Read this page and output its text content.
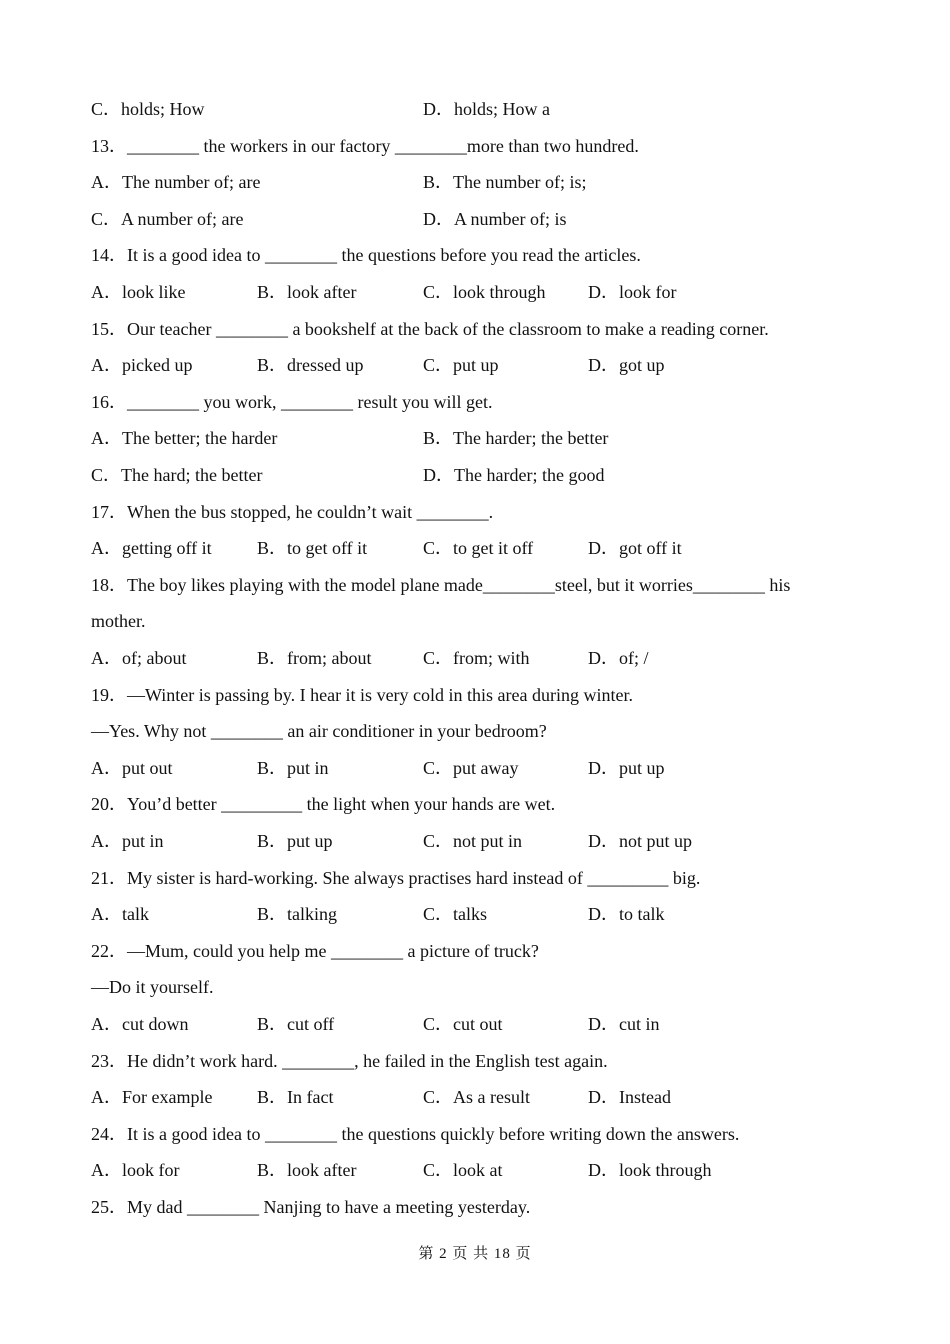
C．holds; How	D．holds; How a
13．________ the workers in our factory ________more than two hundred.
A．The number of; are	B．The number of; is;
C．A number of; are	D．A number of; is
14．It is a good idea to ________ the questions before you read the articles.
A．look like	B．look after	C．look through D．look for
15．Our teacher ________ a bookshelf at the back of the classroom to make a reading corner.
A．picked up	B．dressed up	C．put up	D．got up
16．________ you work, ________ result you will get.
A．The better; the harder	B．The harder; the better
C．The hard; the better	D．The harder; the good
17．When the bus stopped, he couldn’t wait ________.
A．getting off it	B．to get off it	C．to get it off	D．got off it
18．The boy likes playing with the model plane made________steel, but it worries________ his
mother.
A．of; about	B．from; about	C．from; with	D．of; /
19．—Winter is passing by. I hear it is very cold in this area during winter.
—Yes. Why not ________ an air conditioner in your bedroom?
A．put out	B．put in	C．put away	D．put up
20．You’d better _________ the light when your hands are wet.
A．put in	B．put up	C．not put in	D．not put up
21．My sister is hard-working. She always practises hard instead of _________ big.
A．talk	B．talking	C．talks	D．to talk
22．—Mum, could you help me ________ a picture of truck?
—Do it yourself.
A．cut down	B．cut off	C．cut out	D．cut in
23．He didn’t work hard. ________, he failed in the English test again.
A．For example B．In fact	C．As a result	D．Instead
24．It is a good idea to ________ the questions quickly before writing down the answers.
A．look for	B．look after	C．look at	D．look through
25．My dad ________ Nanjing to have a meeting yesterday.
第 2 页 共 18 页
